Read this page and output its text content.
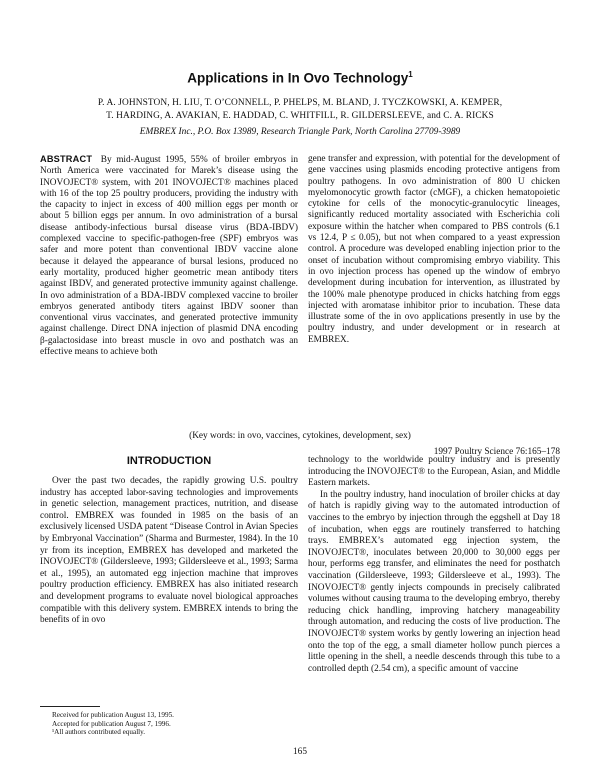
Applications in In Ovo Technology$^1$
P. A. JOHNSTON, H. LIU, T. O’CONNELL, P. PHELPS, M. BLAND, J. TYCZKOWSKI, A. KEMPER,
T. HARDING, A. AVAKIAN, E. HADDAD, C. WHITFILL, R. GILDERSLEEVE, and C. A. RICKS
EMBREX Inc., P.O. Box 13989, Research Triangle Park, North Carolina 27709-3989
ABSTRACT By mid-August 1995, 55% of broiler embryos in North America were vaccinated for Marek’s disease using the INOVOJECT® system, with 201 INOVOJECT® machines placed with 16 of the top 25 poultry producers, providing the industry with the capacity to inject in excess of 400 million eggs per month or about 5 billion eggs per annum. In ovo administration of a bursal disease antibody-infectious bursal disease virus (BDA-IBDV) complexed vaccine to specific-pathogen-free (SPF) embryos was safer and more potent than conventional IBDV vaccine alone because it delayed the appearance of bursal lesions, produced no early mortality, produced higher geometric mean antibody titers against IBDV, and generated protective immunity against challenge. In ovo administration of a BDA-IBDV complexed vaccine to broiler embryos generated antibody titers against IBDV sooner than conventional virus vaccinates, and generated protective immunity against challenge. Direct DNA injection of plasmid DNA encoding β-galactosidase into breast muscle in ovo and posthatch was an effective means to achieve both
gene transfer and expression, with potential for the development of gene vaccines using plasmids encoding protective antigens from poultry pathogens. In ovo administration of 800 U chicken myelomonocytic growth factor (cMGF), a chicken hematopoietic cytokine for cells of the monocytic-granulocytic lineages, significantly reduced mortality associated with Escherichia coli exposure within the hatcher when compared to PBS controls (6.1 vs 12.4, P ≤ 0.05), but not when compared to a yeast expression control. A procedure was developed enabling injection prior to the onset of incubation without compromising embryo viability. This in ovo injection process has opened up the window of embryo development during incubation for intervention, as illustrated by the 100% male phenotype produced in chicks hatching from eggs injected with aromatase inhibitor prior to incubation. These data illustrate some of the in ovo applications presently in use by the poultry industry, and under development or in research at EMBREX.
(Key words: in ovo, vaccines, cytokines, development, sex)
1997 Poultry Science 76:165–178
INTRODUCTION
Over the past two decades, the rapidly growing U.S. poultry industry has accepted labor-saving technologies and improvements in genetic selection, management practices, nutrition, and disease control. EMBREX was founded in 1985 on the basis of an exclusively licensed USDA patent “Disease Control in Avian Species by Embryonal Vaccination” (Sharma and Burmester, 1984). In the 10 yr from its inception, EMBREX has developed and marketed the INOVOJECT® (Gildersleeve, 1993; Gildersleeve et al., 1993; Sarma et al., 1995), an automated egg injection machine that improves poultry production efficiency. EMBREX has also initiated research and development programs to evaluate novel biological approaches compatible with this delivery system. EMBREX intends to bring the benefits of in ovo

technology to the worldwide poultry industry and is presently introducing the INOVOJECT® to the European, Asian, and Middle Eastern markets.

In the poultry industry, hand inoculation of broiler chicks at day of hatch is rapidly giving way to the automated introduction of vaccines to the embryo by injection through the eggshell at Day 18 of incubation, when eggs are routinely transferred to hatching trays. EMBREX’s automated egg injection system, the INOVOJECT®, inoculates between 20,000 to 30,000 eggs per hour, performs egg transfer, and eliminates the need for posthatch vaccination (Gildersleeve, 1993; Gildersleeve et al., 1993). The INOVOJECT® gently injects compounds in precisely calibrated volumes without causing trauma to the developing embryo, thereby reducing chick handling, improving hatchery manageability through automation, and reducing the costs of live production. The INOVOJECT® system works by gently lowering an injection head onto the top of the egg, a small diameter hollow punch pierces a little opening in the shell, a needle descends through this tube to a controlled depth (2.54 cm), a specific amount of vaccine

Received for publication August 13, 1995.
Accepted for publication August 7, 1996.
¹All authors contributed equally.
165
